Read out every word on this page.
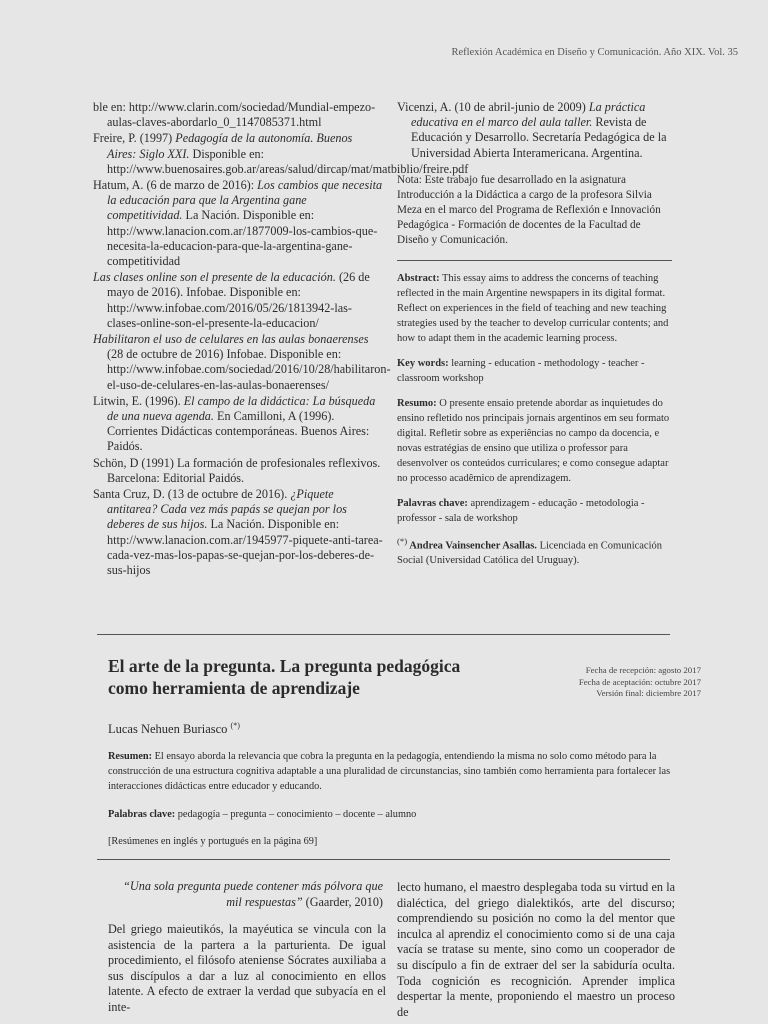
Reflexión Académica en Diseño y Comunicación. Año XIX. Vol. 35
ble en: http://www.clarin.com/sociedad/Mundial-empezo-aulas-claves-abordarlo_0_1147085371.html
Freire, P. (1997) Pedagogía de la autonomía. Buenos Aires: Siglo XXI. Disponible en: http://www.buenosaires.gob.ar/areas/salud/dircap/mat/matbiblio/freire.pdf
Hatum, A. (6 de marzo de 2016): Los cambios que necesita la educación para que la Argentina gane competitividad. La Nación. Disponible en: http://www.lanacion.com.ar/1877009-los-cambios-que-necesita-la-educacion-para-que-la-argentina-gane-competitividad
Las clases online son el presente de la educación. (26 de mayo de 2016). Infobae. Disponible en: http://www.infobae.com/2016/05/26/1813942-las-clases-online-son-el-presente-la-educacion/
Habilitaron el uso de celulares en las aulas bonaerenses (28 de octubre de 2016) Infobae. Disponible en: http://www.infobae.com/sociedad/2016/10/28/habilitaron-el-uso-de-celulares-en-las-aulas-bonaerenses/
Litwin, E. (1996). El campo de la didáctica: La búsqueda de una nueva agenda. En Camilloni, A (1996). Corrientes Didácticas contemporáneas. Buenos Aires: Paidós.
Schön, D (1991) La formación de profesionales reflexivos. Barcelona: Editorial Paidós.
Santa Cruz, D. (13 de octubre de 2016). ¿Piquete antitarea? Cada vez más papás se quejan por los deberes de sus hijos. La Nación. Disponible en: http://www.lanacion.com.ar/1945977-piquete-anti-tarea-cada-vez-mas-los-papas-se-quejan-por-los-deberes-de-sus-hijos
Vicenzi, A. (10 de abril-junio de 2009) La práctica educativa en el marco del aula taller. Revista de Educación y Desarrollo. Secretaría Pedagógica de la Universidad Abierta Interamericana. Argentina.
Nota: Este trabajo fue desarrollado en la asignatura Introducción a la Didáctica a cargo de la profesora Silvia Meza en el marco del Programa de Reflexión e Innovación Pedagógica - Formación de docentes de la Facultad de Diseño y Comunicación.
Abstract: This essay aims to address the concerns of teaching reflected in the main Argentine newspapers in its digital format. Reflect on experiences in the field of teaching and new teaching strategies used by the teacher to develop curricular contents; and how to adapt them in the academic learning process.
Key words: learning - education - methodology - teacher - classroom workshop
Resumo: O presente ensaio pretende abordar as inquietudes do ensino refletido nos principais jornais argentinos em seu formato digital. Refletir sobre as experiências no campo da docencia, e novas estratégias de ensino que utiliza o professor para desenvolver os conteúdos curriculares; e como consegue adaptar no processo acadêmico de aprendizagem.
Palavras chave: aprendizagem - educação - metodologia - professor - sala de workshop
(*) Andrea Vainsencher Asallas. Licenciada en Comunicación Social (Universidad Católica del Uruguay).
El arte de la pregunta. La pregunta pedagógica como herramienta de aprendizaje
Fecha de recepción: agosto 2017
Fecha de aceptación: octubre 2017
Versión final: diciembre 2017
Lucas Nehuen Buriasco (*)
Resumen: El ensayo aborda la relevancia que cobra la pregunta en la pedagogía, entendiendo la misma no solo como método para la construcción de una estructura cognitiva adaptable a una pluralidad de circunstancias, sino también como herramienta para fortalecer las interacciones didácticas entre educador y educando.
Palabras clave: pedagogía – pregunta – conocimiento – docente – alumno
[Resúmenes en inglés y portugués en la página 69]
“Una sola pregunta puede contener más pólvora que mil respuestas” (Gaarder, 2010)
Del griego maieutikós, la mayéutica se vincula con la asistencia de la partera a la parturienta. De igual procedimiento, el filósofo ateniense Sócrates auxiliaba a sus discípulos a dar a luz al conocimiento en ellos latente. A efecto de extraer la verdad que subyacía en el inte-
lecto humano, el maestro desplegaba toda su virtud en la dialéctica, del griego dialektikós, arte del discurso; comprendiendo su posición no como la del mentor que inculca al aprendiz el conocimiento como si de una caja vacía se tratase su mente, sino como un cooperador de su discípulo a fin de extraer del ser la sabiduría oculta. Toda cognición es recognición. Aprender implica despertar la mente, proponiendo el maestro un proceso de
